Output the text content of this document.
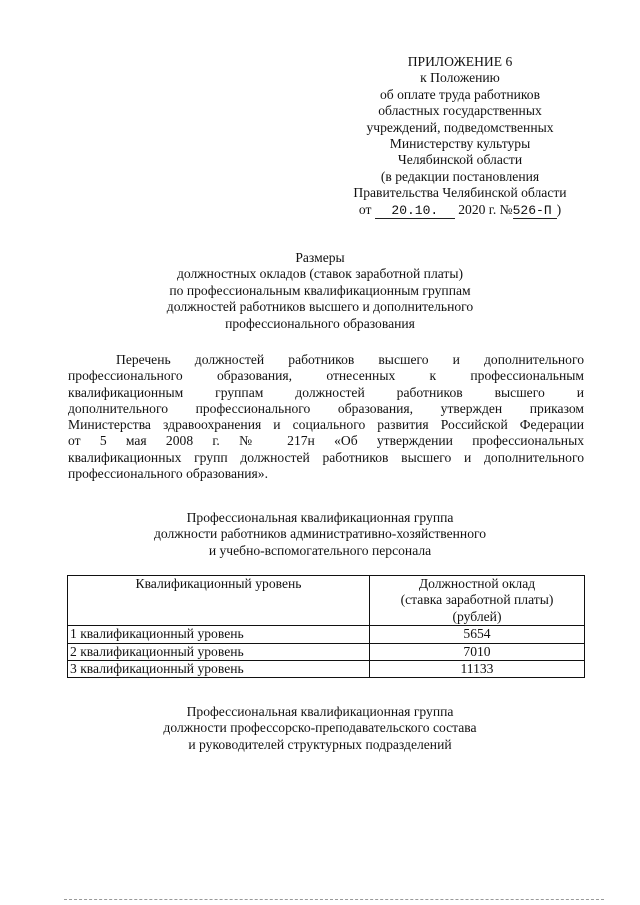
ПРИЛОЖЕНИЕ 6
к Положению
об оплате труда работников
областных государственных
учреждений, подведомственных
Министерству культуры
Челябинской области
(в редакции постановления
Правительства Челябинской области
от 20.10. 2020 г. №526-П )
Размеры
должностных окладов (ставок заработной платы)
по профессиональным квалификационным группам
должностей работников высшего и дополнительного
профессионального образования
Перечень должностей работников высшего и дополнительного
профессионального образования, отнесенных к профессиональным
квалификационным группам должностей работников высшего и
дополнительного профессионального образования, утвержден приказом
Министерства здравоохранения и социального развития Российской Федерации
от 5 мая 2008 г. № 217н «Об утверждении профессиональных
квалификационных групп должностей работников высшего и дополнительного
профессионального образования».
Профессиональная квалификационная группа
должности работников административно-хозяйственного
и учебно-вспомогательного персонала
Квалификационный уровень	Должностной оклад
(ставка заработной платы)
(рублей)

1 квалификационный уровень	5654
2 квалификационный уровень	7010
3 квалификационный уровень	11133
Профессиональная квалификационная группа
должности профессорско-преподавательского состава
и руководителей структурных подразделений
